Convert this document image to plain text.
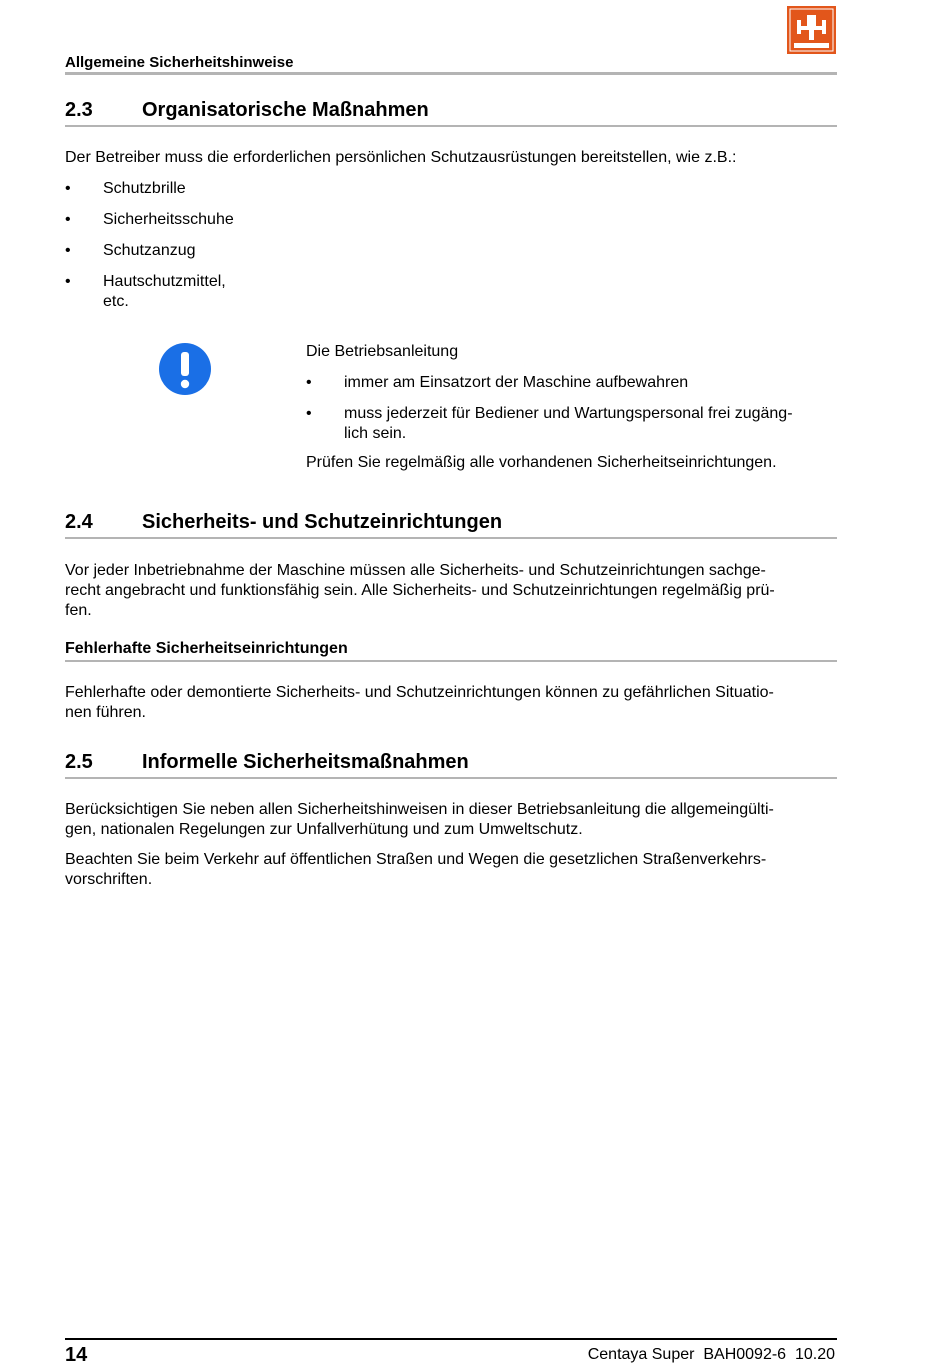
Allgemeine Sicherheitshinweise
2.3 Organisatorische Maßnahmen
Der Betreiber muss die erforderlichen persönlichen Schutzausrüstungen bereitstellen, wie z.B.:
• Schutzbrille
• Sicherheitsschuhe
• Schutzanzug
• Hautschutzmittel, etc.
Die Betriebsanleitung
• immer am Einsatzort der Maschine aufbewahren
• muss jederzeit für Bediener und Wartungspersonal frei zugäng-
lich sein.
Prüfen Sie regelmäßig alle vorhandenen Sicherheitseinrichtungen.
2.4 Sicherheits- und Schutzeinrichtungen
Vor jeder Inbetriebnahme der Maschine müssen alle Sicherheits- und Schutzeinrichtungen sachge-
recht angebracht und funktionsfähig sein. Alle Sicherheits- und Schutzeinrichtungen regelmäßig prü-
fen.
Fehlerhafte Sicherheitseinrichtungen
Fehlerhafte oder demontierte Sicherheits- und Schutzeinrichtungen können zu gefährlichen Situatio-
nen führen.
2.5 Informelle Sicherheitsmaßnahmen
Berücksichtigen Sie neben allen Sicherheitshinweisen in dieser Betriebsanleitung die allgemeingülti-
gen, nationalen Regelungen zur Unfallverhütung und zum Umweltschutz.
Beachten Sie beim Verkehr auf öffentlichen Straßen und Wegen die gesetzlichen Straßenverkehrs-
vorschriften.
14	Centaya Super  BAH0092-6  10.20
